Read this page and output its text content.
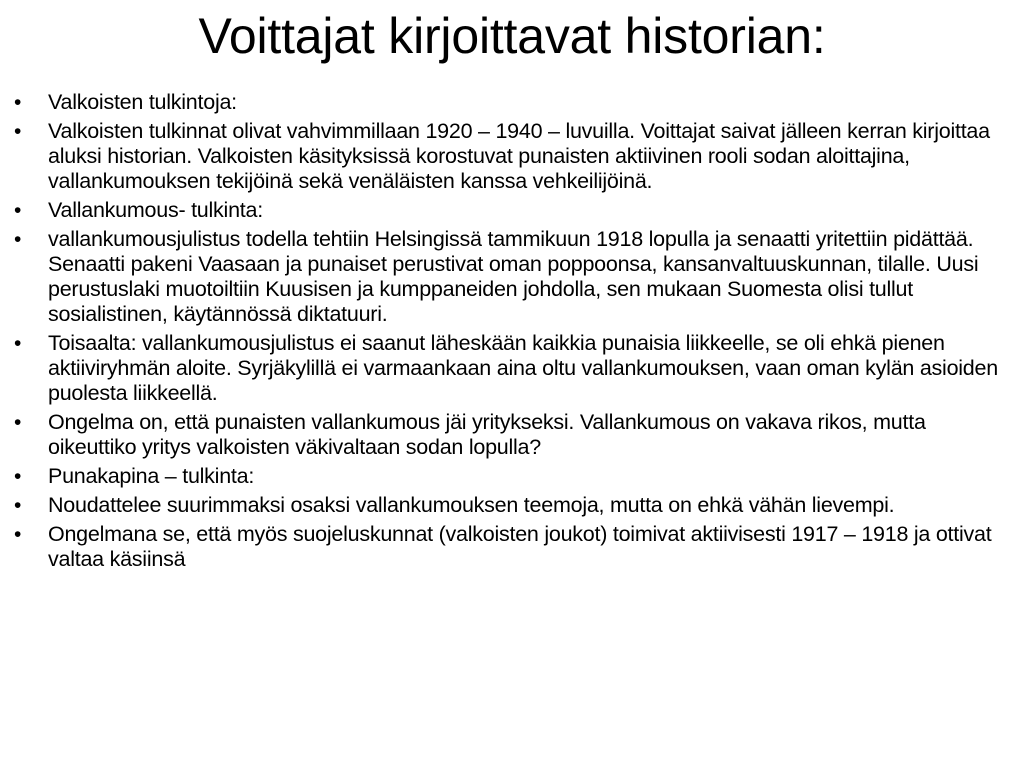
Voittajat kirjoittavat historian:
•	Valkoisten tulkintoja:
•	Valkoisten tulkinnat olivat vahvimmillaan 1920 – 1940 – luvuilla. Voittajat saivat jälleen kerran kirjoittaa aluksi historian. Valkoisten käsityksissä korostuvat punaisten aktiivinen rooli sodan aloittajina, vallankumouksen tekijöinä sekä venäläisten kanssa vehkeilijöinä.
•	Vallankumous- tulkinta:
•	vallankumousjulistus todella tehtiin Helsingissä tammikuun 1918 lopulla ja senaatti yritettiin pidättää. Senaatti pakeni Vaasaan ja punaiset perustivat oman poppoonsa, kansanvaltuuskunnan, tilalle. Uusi perustuslaki muotoiltiin Kuusisen ja kumppaneiden johdolla, sen mukaan Suomesta olisi tullut sosialistinen, käytännössä diktatuuri.
•	Toisaalta: vallankumousjulistus ei saanut läheskään kaikkia punaisia liikkeelle, se oli ehkä pienen aktiiviryhmän aloite. Syrjäkylillä ei varmaankaan aina oltu vallankumouksen, vaan oman kylän asioiden puolesta liikkeellä.
•	Ongelma on, että punaisten vallankumous jäi yritykseksi. Vallankumous on vakava rikos, mutta oikeuttiko yritys valkoisten väkivaltaan sodan lopulla?
•	Punakapina – tulkinta:
•	Noudattelee suurimmaksi osaksi vallankumouksen teemoja, mutta on ehkä vähän lievempi.
•	Ongelmana se, että myös suojeluskunnat (valkoisten joukot) toimivat aktiivisesti 1917 – 1918 ja ottivat valtaa käsiinsä
